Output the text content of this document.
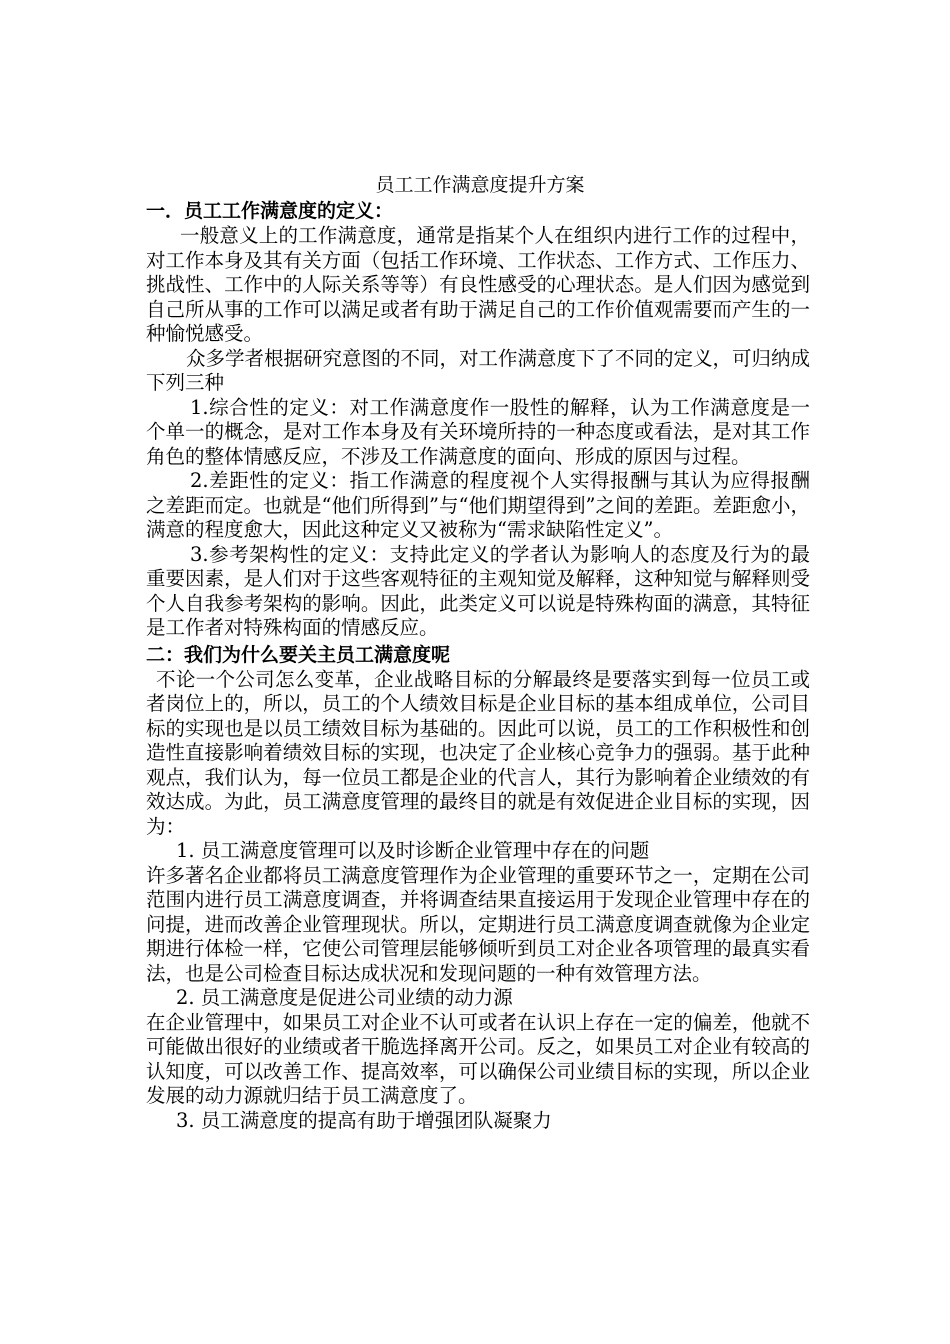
员工工作满意度提升方案
一．员工工作满意度的定义：

一般意义上的工作满意度，通常是指某个人在组织内进行工作的过程中，对工作本身及其有关方面（包括工作环境、工作状态、工作方式、工作压力、挑战性、工作中的人际关系等等）有良性感受的心理状态。是人们因为感觉到自己所从事的工作可以满足或者有助于满足自己的工作价值观需要而产生的一种愉悦感受。

众多学者根据研究意图的不同，对工作满意度下了不同的定义，可归纳成下列三种

1.综合性的定义：对工作满意度作一股性的解释，认为工作满意度是一个单一的概念，是对工作本身及有关环境所持的一种态度或看法，是对其工作角色的整体情感反应，不涉及工作满意度的面向、形成的原因与过程。

2.差距性的定义：指工作满意的程度视个人实得报酬与其认为应得报酬之差距而定。也就是“他们所得到”与“他们期望得到”之间的差距。差距愈小，满意的程度愈大，因此这种定义又被称为“需求缺陷性定义”。

3.参考架构性的定义：支持此定义的学者认为影响人的态度及行为的最重要因素，是人们对于这些客观特征的主观知觉及解释，这种知觉与解释则受个人自我参考架构的影响。因此，此类定义可以说是特殊构面的满意，其特征是工作者对特殊构面的情感反应。

二：我们为什么要关主员工满意度呢

不论一个公司怎么变革，企业战略目标的分解最终是要落实到每一位员工或者岗位上的，所以，员工的个人绩效目标是企业目标的基本组成单位，公司目标的实现也是以员工绩效目标为基础的。因此可以说，员工的工作积极性和创造性直接影响着绩效目标的实现，也决定了企业核心竞争力的强弱。基于此种观点，我们认为，每一位员工都是企业的代言人，其行为影响着企业绩效的有效达成。为此，员工满意度管理的最终目的就是有效促进企业目标的实现，因为：

1. 员工满意度管理可以及时诊断企业管理中存在的问题

许多著名企业都将员工满意度管理作为企业管理的重要环节之一，定期在公司范围内进行员工满意度调查，并将调查结果直接运用于发现企业管理中存在的问提，进而改善企业管理现状。所以，定期进行员工满意度调查就像为企业定期进行体检一样，它使公司管理层能够倾听到员工对企业各项管理的最真实看法，也是公司检查目标达成状况和发现问题的一种有效管理方法。

2. 员工满意度是促进公司业绩的动力源

在企业管理中，如果员工对企业不认可或者在认识上存在一定的偏差，他就不可能做出很好的业绩或者干脆选择离开公司。反之，如果员工对企业有较高的认知度，可以改善工作、提高效率，可以确保公司业绩目标的实现，所以企业发展的动力源就归结于员工满意度了。

3. 员工满意度的提高有助于增强团队凝聚力
